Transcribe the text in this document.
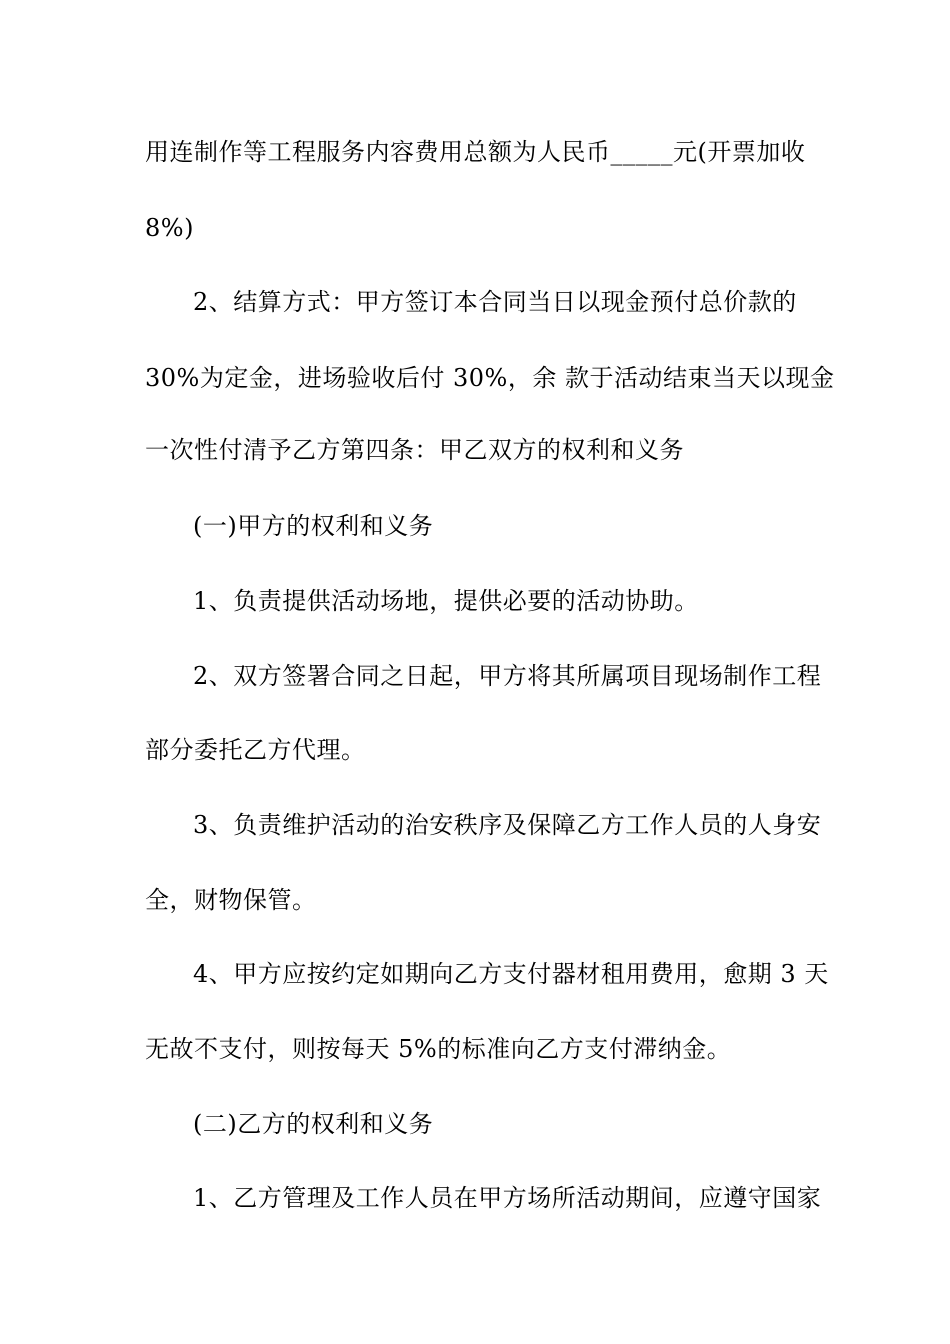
用连制作等工程服务内容费用总额为人民币_____元(开票加收
8%)
2、结算方式：甲方签订本合同当日以现金预付总价款的
30%为定金，进场验收后付 30%，余 款于活动结束当天以现金
一次性付清予乙方第四条：甲乙双方的权利和义务
(一)甲方的权利和义务
1、负责提供活动场地，提供必要的活动协助。
2、双方签署合同之日起，甲方将其所属项目现场制作工程
部分委托乙方代理。
3、负责维护活动的治安秩序及保障乙方工作人员的人身安
全，财物保管。
4、甲方应按约定如期向乙方支付器材租用费用，愈期 3 天
无故不支付，则按每天 5%的标准向乙方支付滞纳金。
(二)乙方的权利和义务
1、乙方管理及工作人员在甲方场所活动期间，应遵守国家
